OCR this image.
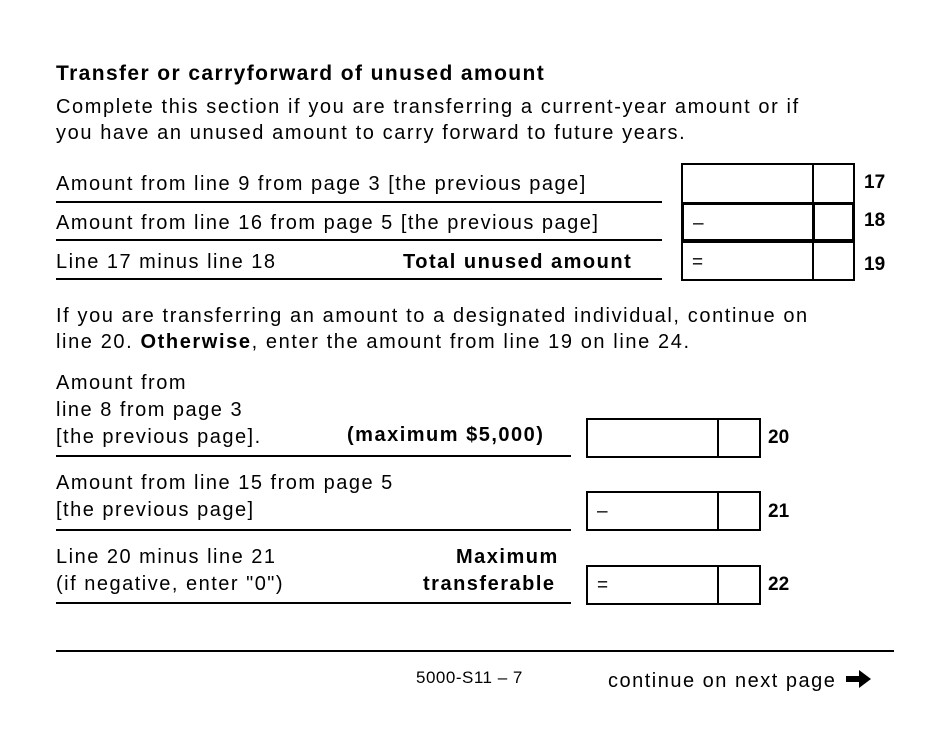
Transfer or carryforward of unused amount
Complete this section if you are transferring a current-year amount or if
you have an unused amount to carry forward to future years.
Amount from line 9 from page 3 [the previous page]	17
Amount from line 16 from page 5 [the previous page]	–	18
Line 17 minus line 18	Total unused amount	=	19
If you are transferring an amount to a designated individual, continue on
line 20. Otherwise, enter the amount from line 19 on line 24.
Amount from
line 8 from page 3
[the previous page].	(maximum $5,000)	20
Amount from line 15 from page 5
[the previous page]	–	21
Line 20 minus line 21
(if negative, enter "0")
Maximum
transferable =	22
5000-S11 – 7	continue on next page
